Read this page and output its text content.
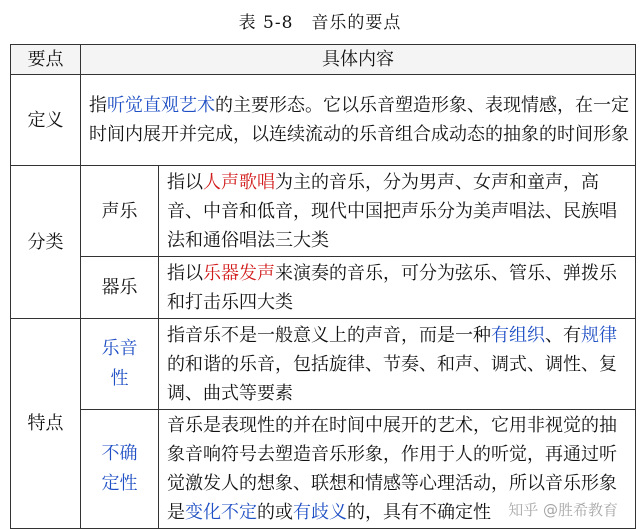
表 5-8　音乐的要点
要点	具体内容	
定义	指听觉直观艺术的主要形态。它以乐音塑造形象、表现情感，在一定时间内展开并完成，以连续流动的乐音组合成动态的抽象的时间形象	
分类	声乐	指以人声歌唱为主的音乐，分为男声、女声和童声，高音、中音和低音，现代中国把声乐分为美声唱法、民族唱法和通俗唱法三大类
	器乐	指以乐器发声来演奏的音乐，可分为弦乐、管乐、弹拨乐和打击乐四大类
特点	乐音性	指音乐不是一般意义上的声音，而是一种有组织、有规律的和谐的乐音，包括旋律、节奏、和声、调式、调性、复调、曲式等要素
	不确定性	音乐是表现性的并在时间中展开的艺术，它用非视觉的抽象音响符号去塑造音乐形象，作用于人的听觉，再通过听觉激发人的想象、联想和情感等心理活动，所以音乐形象是变化不定的或有歧义的，具有不确定性 知乎 @胜希教育
